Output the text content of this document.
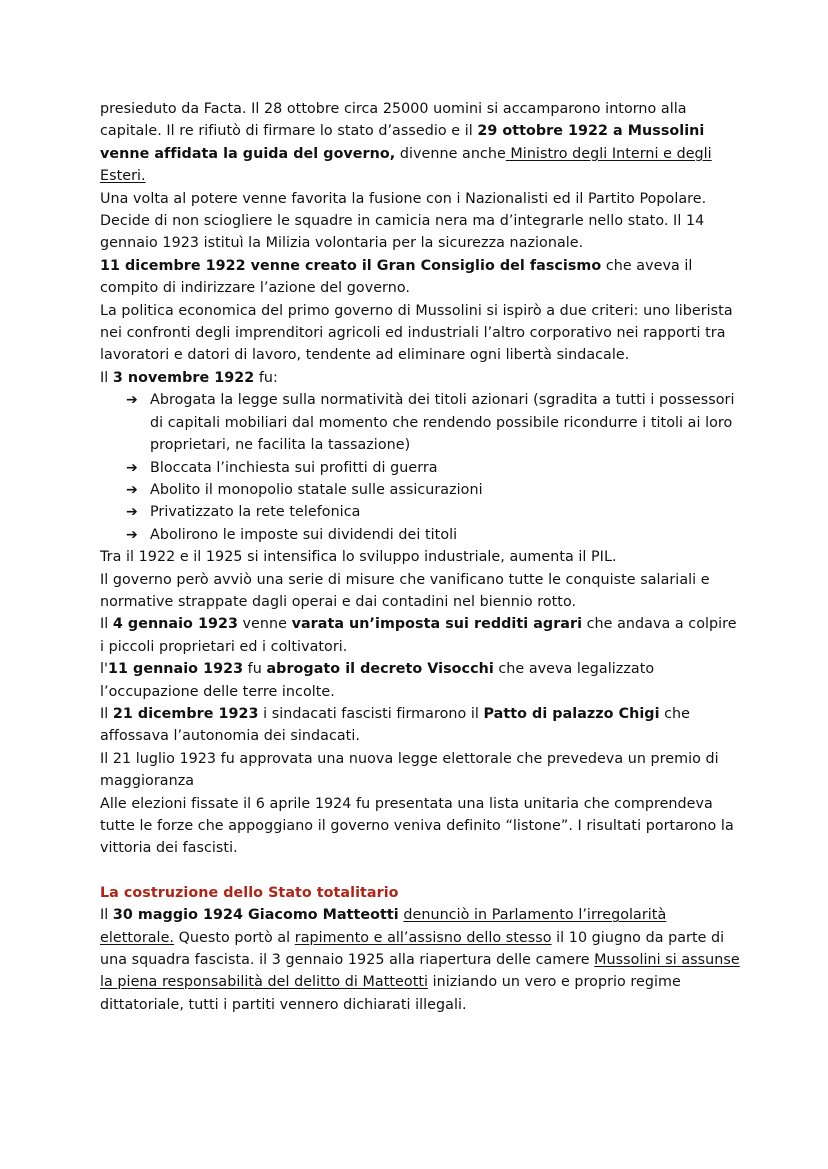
presieduto da Facta. Il 28 ottobre circa 25000 uomini si accamparono intorno alla capitale. Il re rifiutò di firmare lo stato d’assedio e il 29 ottobre 1922 a Mussolini venne affidata la guida del governo, divenne anche Ministro degli Interni e degli Esteri.

Una volta al potere venne favorita la fusione con i Nazionalisti ed il Partito Popolare. Decide di non sciogliere le squadre in camicia nera ma d’integrarle nello stato. Il 14 gennaio 1923 istituì la Milizia volontaria per la sicurezza nazionale.

11 dicembre 1922 venne creato il Gran Consiglio del fascismo che aveva il compito di indirizzare l’azione del governo.

La politica economica del primo governo di Mussolini si ispirò a due criteri: uno liberista nei confronti degli imprenditori agricoli ed industriali l’altro corporativo nei rapporti tra lavoratori e datori di lavoro, tendente ad eliminare ogni libertà sindacale.

Il 3 novembre 1922 fu:

➔ Abrogata la legge sulla normatività dei titoli azionari (sgradita a tutti i possessori di capitali mobiliari dal momento che rendendo possibile ricondurre i titoli ai loro proprietari, ne facilita la tassazione)
➔ Bloccata l’inchiesta sui profitti di guerra
➔ Abolito il monopolio statale sulle assicurazioni
➔ Privatizzato la rete telefonica
➔ Abolirono le imposte sui dividendi dei titoli

Tra il 1922 e il 1925 si intensifica lo sviluppo industriale, aumenta il PIL.

Il governo però avviò una serie di misure che vanificano tutte le conquiste salariali e normative strappate dagli operai e dai contadini nel biennio rotto.

Il 4 gennaio 1923 venne varata un’imposta sui redditi agrari che andava a colpire i piccoli proprietari ed i coltivatori.

l'11 gennaio 1923 fu abrogato il decreto Visocchi che aveva legalizzato l’occupazione delle terre incolte.

Il 21 dicembre 1923 i sindacati fascisti firmarono il Patto di palazzo Chigi che affossava l’autonomia dei sindacati.

Il 21 luglio 1923 fu approvata una nuova legge elettorale che prevedeva un premio di maggioranza

Alle elezioni fissate il 6 aprile 1924 fu presentata una lista unitaria che comprendeva tutte le forze che appoggiano il governo veniva definito “listone”. I risultati portarono la vittoria dei fascisti.

La costruzione dello Stato totalitario

Il 30 maggio 1924 Giacomo Matteotti denunciò in Parlamento l’irregolarità elettorale. Questo portò al rapimento e all’assisno dello stesso il 10 giugno da parte di una squadra fascista. il 3 gennaio 1925 alla riapertura delle camere Mussolini si assunse la piena responsabilità del delitto di Matteotti iniziando un vero e proprio regime dittatoriale, tutti i partiti vennero dichiarati illegali.
